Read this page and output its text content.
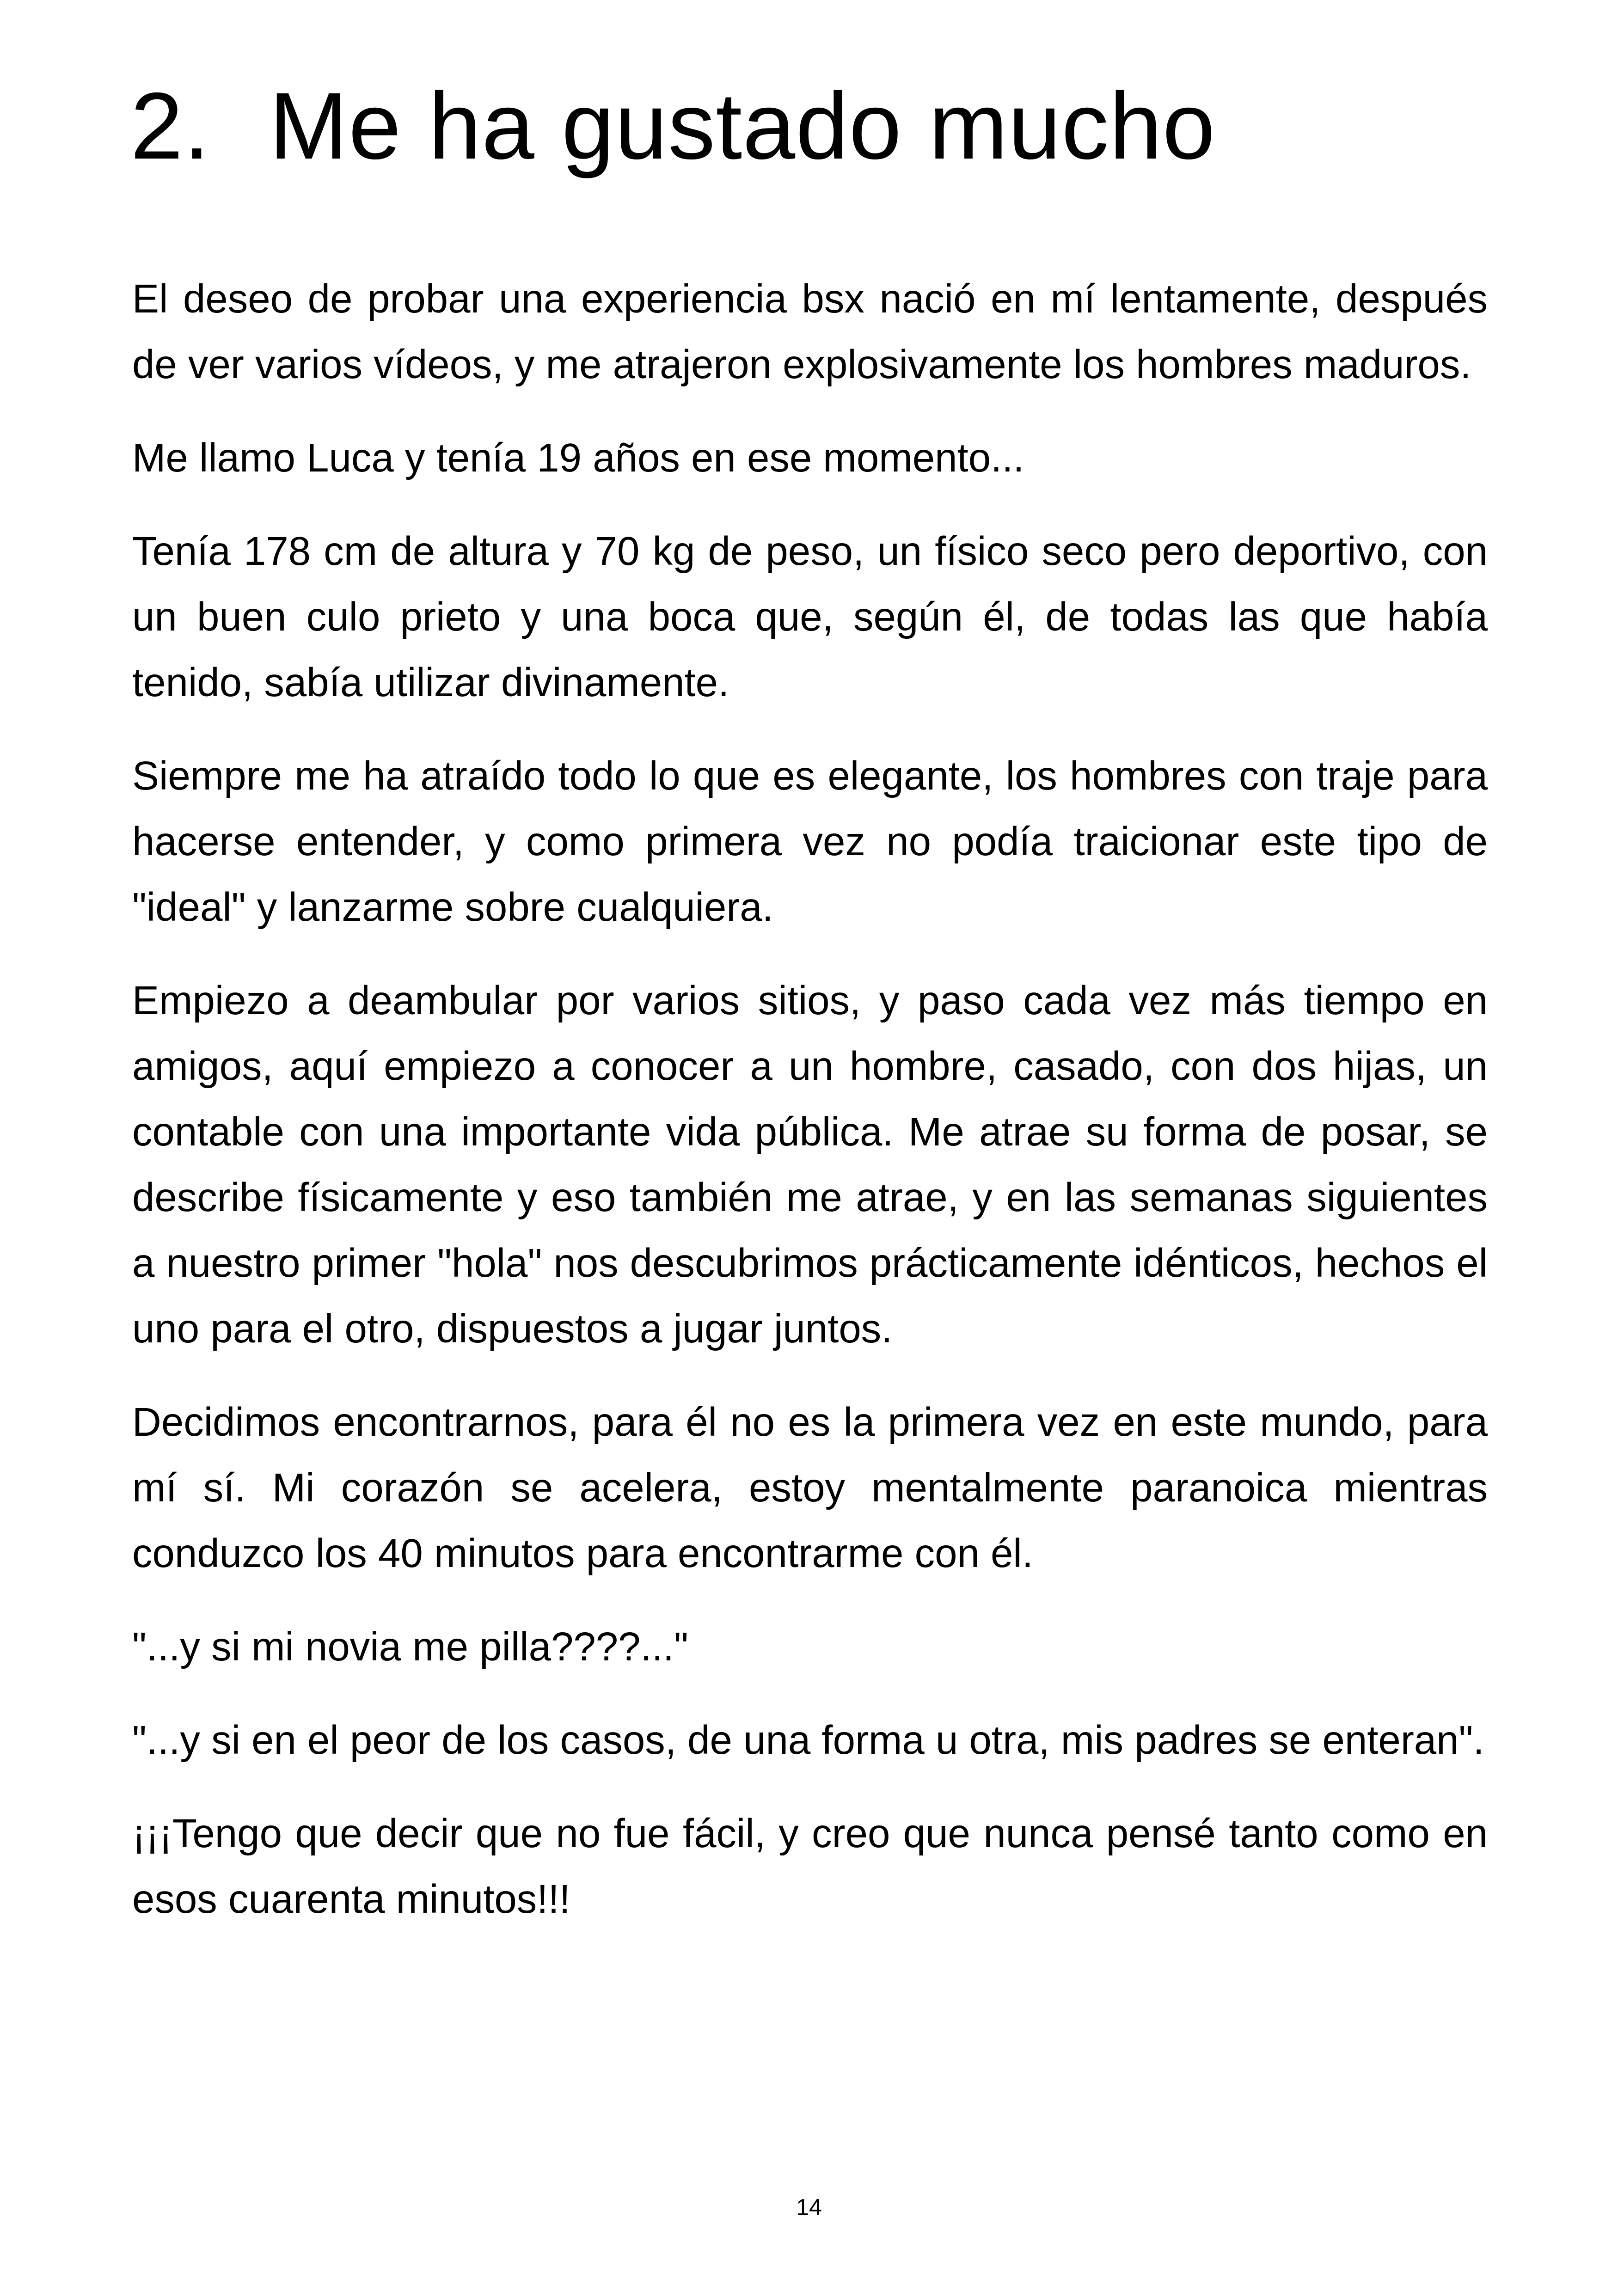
2. Me ha gustado mucho

El deseo de probar una experiencia bsx nació en mí lentamente, después de ver varios vídeos, y me atrajeron explosivamente los hombres maduros.

Me llamo Luca y tenía 19 años en ese momento...

Tenía 178 cm de altura y 70 kg de peso, un físico seco pero deportivo, con un buen culo prieto y una boca que, según él, de todas las que había tenido, sabía utilizar divinamente.

Siempre me ha atraído todo lo que es elegante, los hombres con traje para hacerse entender, y como primera vez no podía traicionar este tipo de "ideal" y lanzarme sobre cualquiera.

Empiezo a deambular por varios sitios, y paso cada vez más tiempo en amigos, aquí empiezo a conocer a un hombre, casado, con dos hijas, un contable con una importante vida pública. Me atrae su forma de posar, se describe físicamente y eso también me atrae, y en las semanas siguientes a nuestro primer "hola" nos descubrimos prácticamente idénticos, hechos el uno para el otro, dispuestos a jugar juntos.

Decidimos encontrarnos, para él no es la primera vez en este mundo, para mí sí. Mi corazón se acelera, estoy mentalmente paranoica mientras conduzco los 40 minutos para encontrarme con él.

"...y si mi novia me pilla????..."

"...y si en el peor de los casos, de una forma u otra, mis padres se enteran".

¡¡¡Tengo que decir que no fue fácil, y creo que nunca pensé tanto como en esos cuarenta minutos!!!

14
